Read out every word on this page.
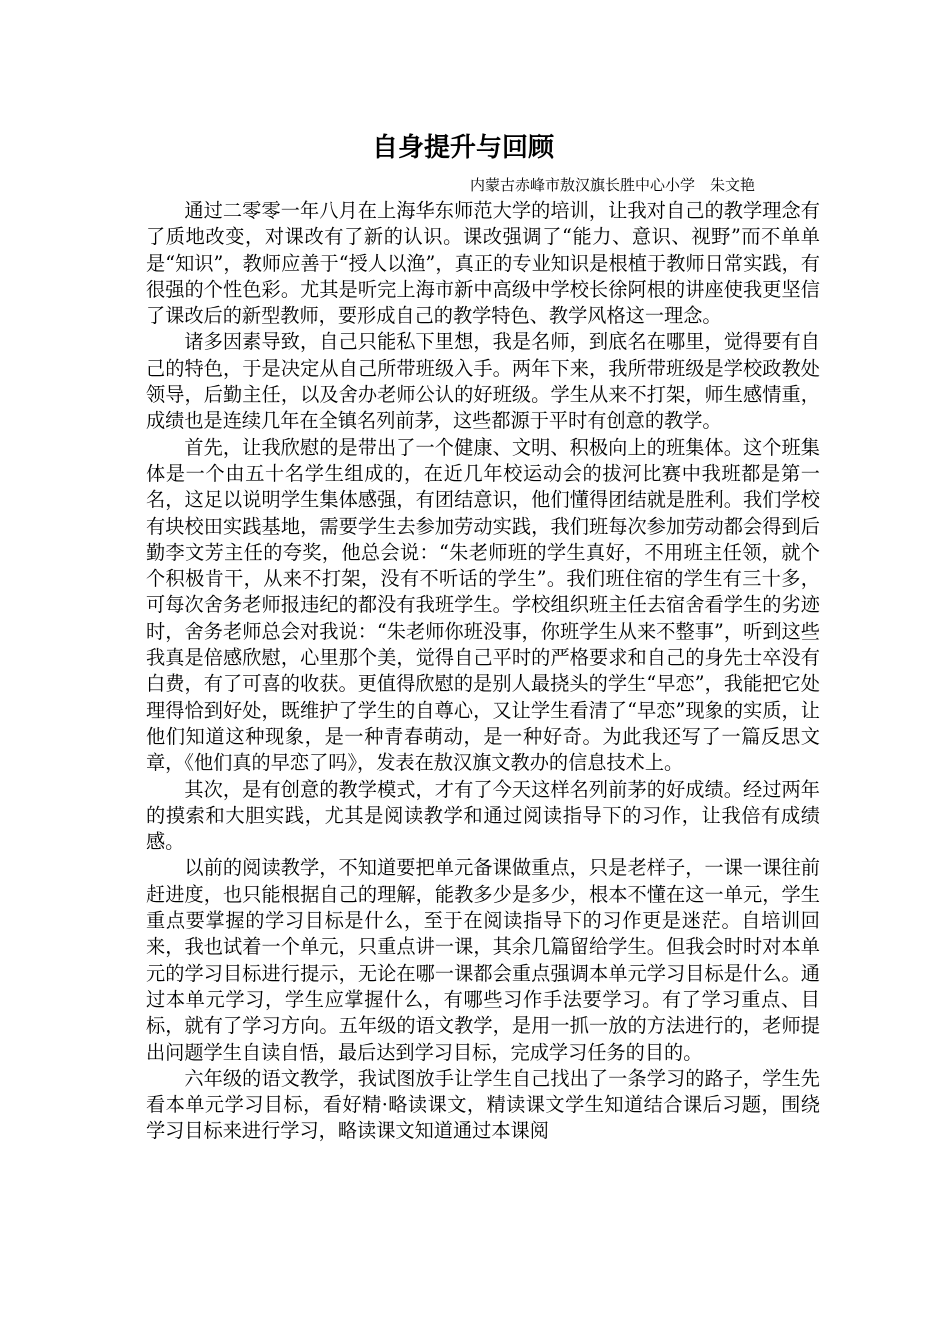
自身提升与回顾
内蒙古赤峰市敖汉旗长胜中心小学　朱文艳

通过二零零一年八月在上海华东师范大学的培训，让我对自己的教学理念有了质地改变，对课改有了新的认识。课改强调了“能力、意识、视野”而不单单是“知识”，教师应善于“授人以渔”，真正的专业知识是根植于教师日常实践，有很强的个性色彩。尤其是听完上海市新中高级中学校长徐阿根的讲座使我更坚信了课改后的新型教师，要形成自己的教学特色、教学风格这一理念。

诸多因素导致，自己只能私下里想，我是名师，到底名在哪里，觉得要有自己的特色，于是决定从自己所带班级入手。两年下来，我所带班级是学校政教处领导，后勤主任，以及舍办老师公认的好班级。学生从来不打架，师生感情重，成绩也是连续几年在全镇名列前茅，这些都源于平时有创意的教学。

首先，让我欣慰的是带出了一个健康、文明、积极向上的班集体。这个班集体是一个由五十名学生组成的，在近几年校运动会的拔河比赛中我班都是第一名，这足以说明学生集体感强，有团结意识，他们懂得团结就是胜利。我们学校有块校田实践基地，需要学生去参加劳动实践，我们班每次参加劳动都会得到后勤李文芳主任的夸奖，他总会说：“朱老师班的学生真好，不用班主任领，就个个积极肯干，从来不打架，没有不听话的学生”。我们班住宿的学生有三十多，可每次舍务老师报违纪的都没有我班学生。学校组织班主任去宿舍看学生的劣迹时，舍务老师总会对我说：“朱老师你班没事，你班学生从来不整事”，听到这些我真是倍感欣慰，心里那个美，觉得自己平时的严格要求和自己的身先士卒没有白费，有了可喜的收获。更值得欣慰的是别人最挠头的学生“早恋”，我能把它处理得恰到好处，既维护了学生的自尊心，又让学生看清了“早恋”现象的实质，让他们知道这种现象，是一种青春萌动，是一种好奇。为此我还写了一篇反思文章，《他们真的早恋了吗》，发表在敖汉旗文教办的信息技术上。

其次，是有创意的教学模式，才有了今天这样名列前茅的好成绩。经过两年的摸索和大胆实践，尤其是阅读教学和通过阅读指导下的习作，让我倍有成绩感。

以前的阅读教学，不知道要把单元备课做重点，只是老样子，一课一课往前赶进度，也只能根据自己的理解，能教多少是多少，根本不懂在这一单元，学生重点要掌握的学习目标是什么，至于在阅读指导下的习作更是迷茫。自培训回来，我也试着一个单元，只重点讲一课，其余几篇留给学生。但我会时时对本单元的学习目标进行提示，无论在哪一课都会重点强调本单元学习目标是什么。通过本单元学习，学生应掌握什么，有哪些习作手法要学习。有了学习重点、目标，就有了学习方向。五年级的语文教学，是用一抓一放的方法进行的，老师提出问题学生自读自悟，最后达到学习目标，完成学习任务的目的。

六年级的语文教学，我试图放手让学生自己找出了一条学习的路子，学生先看本单元学习目标，看好精·略读课文，精读课文学生知道结合课后习题，围绕学习目标来进行学习，略读课文知道通过本课阅
